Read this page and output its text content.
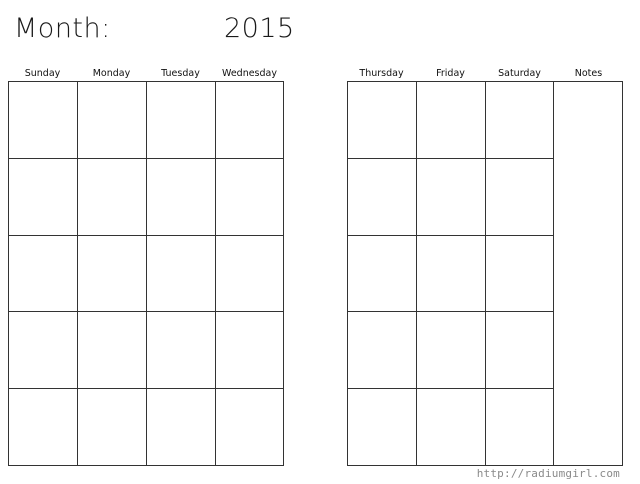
Month:	2015
Sunday	Monday	Tuesday	Wednesday	Thursday	Friday	Saturday	Notes
http://radiumgirl.com
